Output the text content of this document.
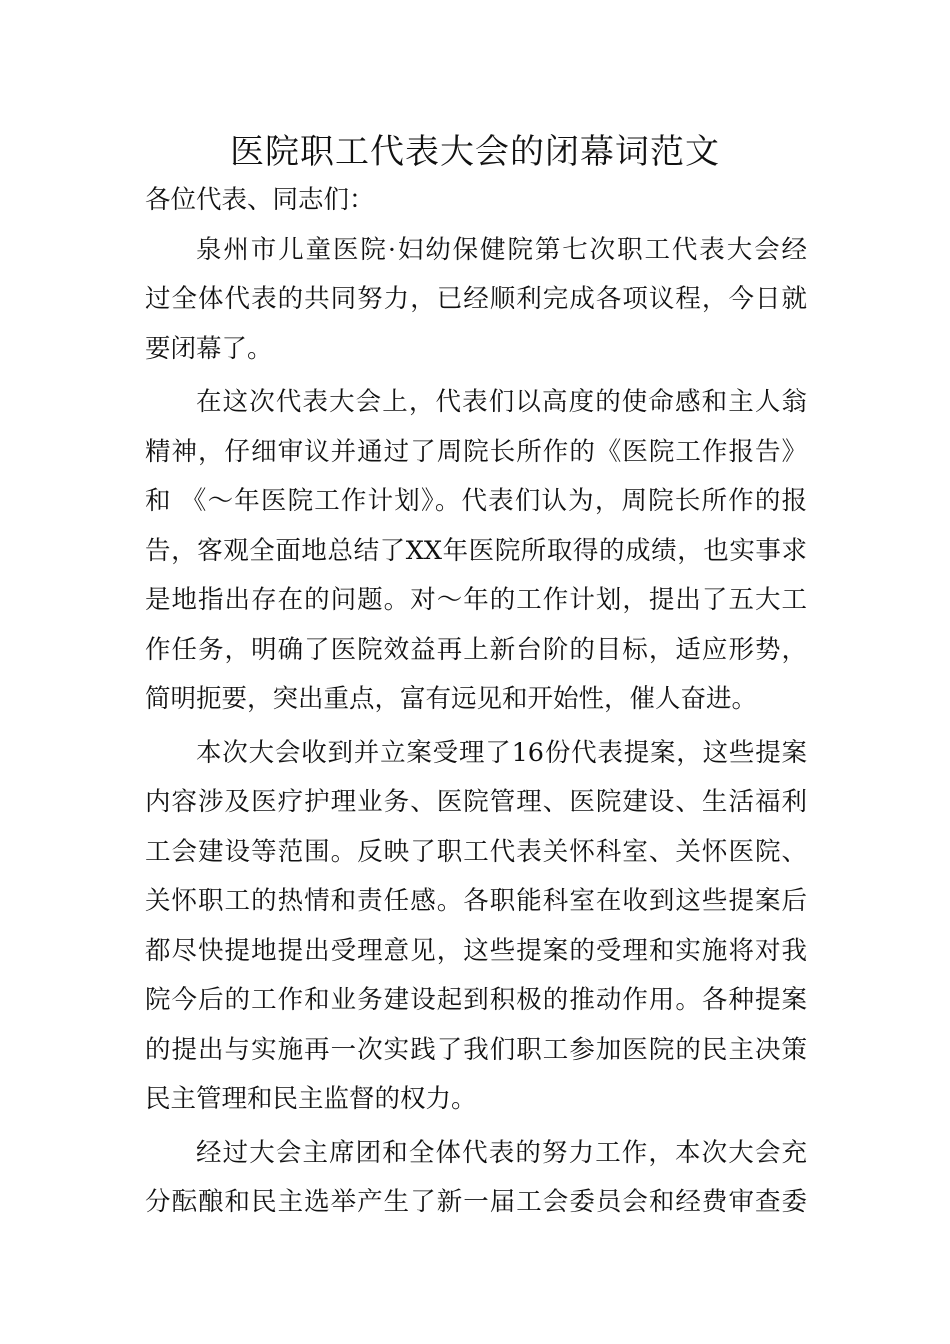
医院职工代表大会的闭幕词范文
各位代表、同志们：
泉州市儿童医院·妇幼保健院第七次职工代表大会经
过全体代表的共同努力，已经顺利完成各项议程，今日就
要闭幕了。
在这次代表大会上，代表们以高度的使命感和主人翁
精神，仔细审议并通过了周院长所作的《医院工作报告》
和 《～年医院工作计划》。代表们认为，周院长所作的报
告，客观全面地总结了XX年医院所取得的成绩，也实事求
是地指出存在的问题。对～年的工作计划，提出了五大工
作任务，明确了医院效益再上新台阶的目标，适应形势，
简明扼要，突出重点，富有远见和开始性，催人奋进。
本次大会收到并立案受理了16份代表提案，这些提案
内容涉及医疗护理业务、医院管理、医院建设、生活福利
工会建设等范围。反映了职工代表关怀科室、关怀医院、
关怀职工的热情和责任感。各职能科室在收到这些提案后
都尽快提地提出受理意见，这些提案的受理和实施将对我
院今后的工作和业务建设起到积极的推动作用。各种提案
的提出与实施再一次实践了我们职工参加医院的民主决策
民主管理和民主监督的权力。
经过大会主席团和全体代表的努力工作，本次大会充
分酝酿和民主选举产生了新一届工会委员会和经费审查委
